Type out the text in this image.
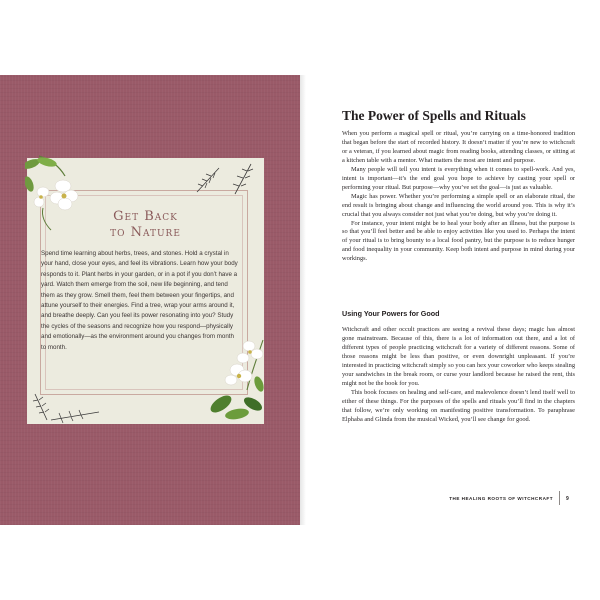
Get Back
to Nature
Spend time learning about herbs, trees, and stones. Hold a crystal in your hand, close your eyes, and feel its vibrations. Learn how your body responds to it. Plant herbs in your garden, or in a pot if you don’t have a yard. Watch them emerge from the soil, new life beginning, and tend them as they grow. Smell them, feel them between your fingertips, and attune yourself to their energies. Find a tree, wrap your arms around it, and breathe deeply. Can you feel its power resonating into you? Study the cycles of the seasons and recognize how you respond—physically and emotionally—as the environment around you changes from month to month.
The Power of Spells and Rituals

When you perform a magical spell or ritual, you’re carrying on a time-honored tradition that began before the start of recorded history. It doesn’t matter if you’re new to witchcraft or a veteran, if you learned about magic from reading books, attending classes, or sitting at a kitchen table with a mentor. What matters the most are intent and purpose.

Many people will tell you intent is everything when it comes to spell-work. And yes, intent is important—it’s the end goal you hope to achieve by casting your spell or performing your ritual. But purpose—why you’ve set the goal—is just as valuable.

Magic has power. Whether you’re performing a simple spell or an elaborate ritual, the end result is bringing about change and influencing the world around you. This is why it’s crucial that you always consider not just what you’re doing, but why you’re doing it.

For instance, your intent might be to heal your body after an illness, but the purpose is so that you’ll feel better and be able to enjoy activities like you used to. Perhaps the intent of your ritual is to bring bounty to a local food pantry, but the purpose is to reduce hunger and food inequality in your community. Keep both intent and purpose in mind during your workings.

Using Your Powers for Good

Witchcraft and other occult practices are seeing a revival these days; magic has almost gone mainstream. Because of this, there is a lot of information out there, and a lot of different types of people practicing witchcraft for a variety of different reasons. Some of those reasons might be less than positive, or even downright unpleasant. If you’re interested in practicing witchcraft simply so you can hex your coworker who keeps stealing your sandwiches in the break room, or curse your landlord because he raised the rent, this might not be the book for you.

This book focuses on healing and self-care, and malevolence doesn’t lend itself well to either of these things. For the purposes of the spells and rituals you’ll find in the chapters that follow, we’re only working on manifesting positive transformation. To paraphrase Elphaba and Glinda from the musical Wicked, you’ll see change for good.

THE HEALING ROOTS OF WITCHCRAFT	9
